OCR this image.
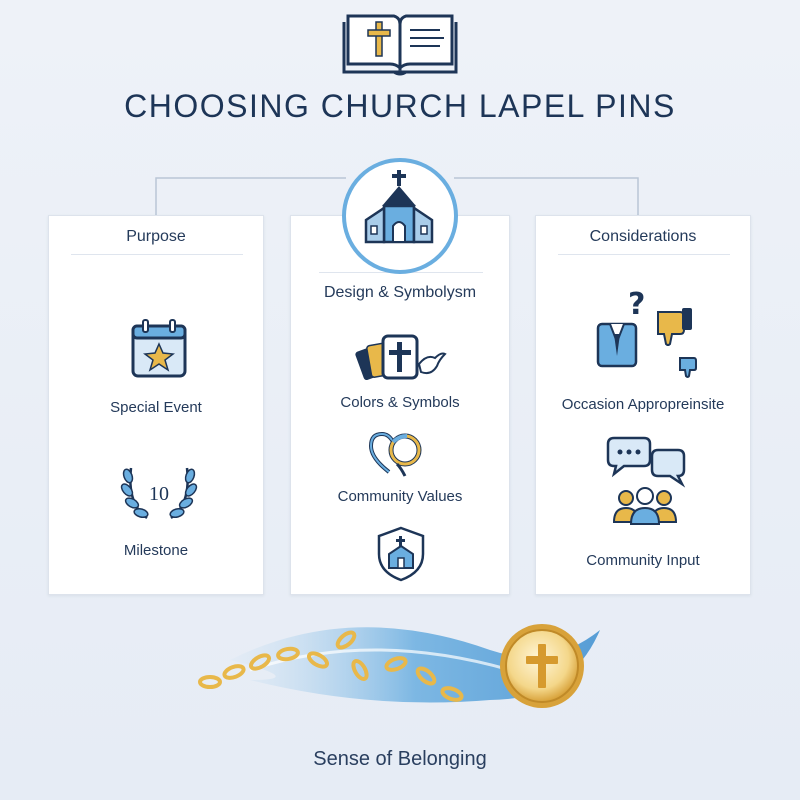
CHOOSING CHURCH LAPEL PINS
Purpose
Special Event
10
Milestone
Design & Symbolysm
Colors & Symbols
Community Values
Considerations
?
Occasion Appropreinsite
Community Input
Sense of Belonging
